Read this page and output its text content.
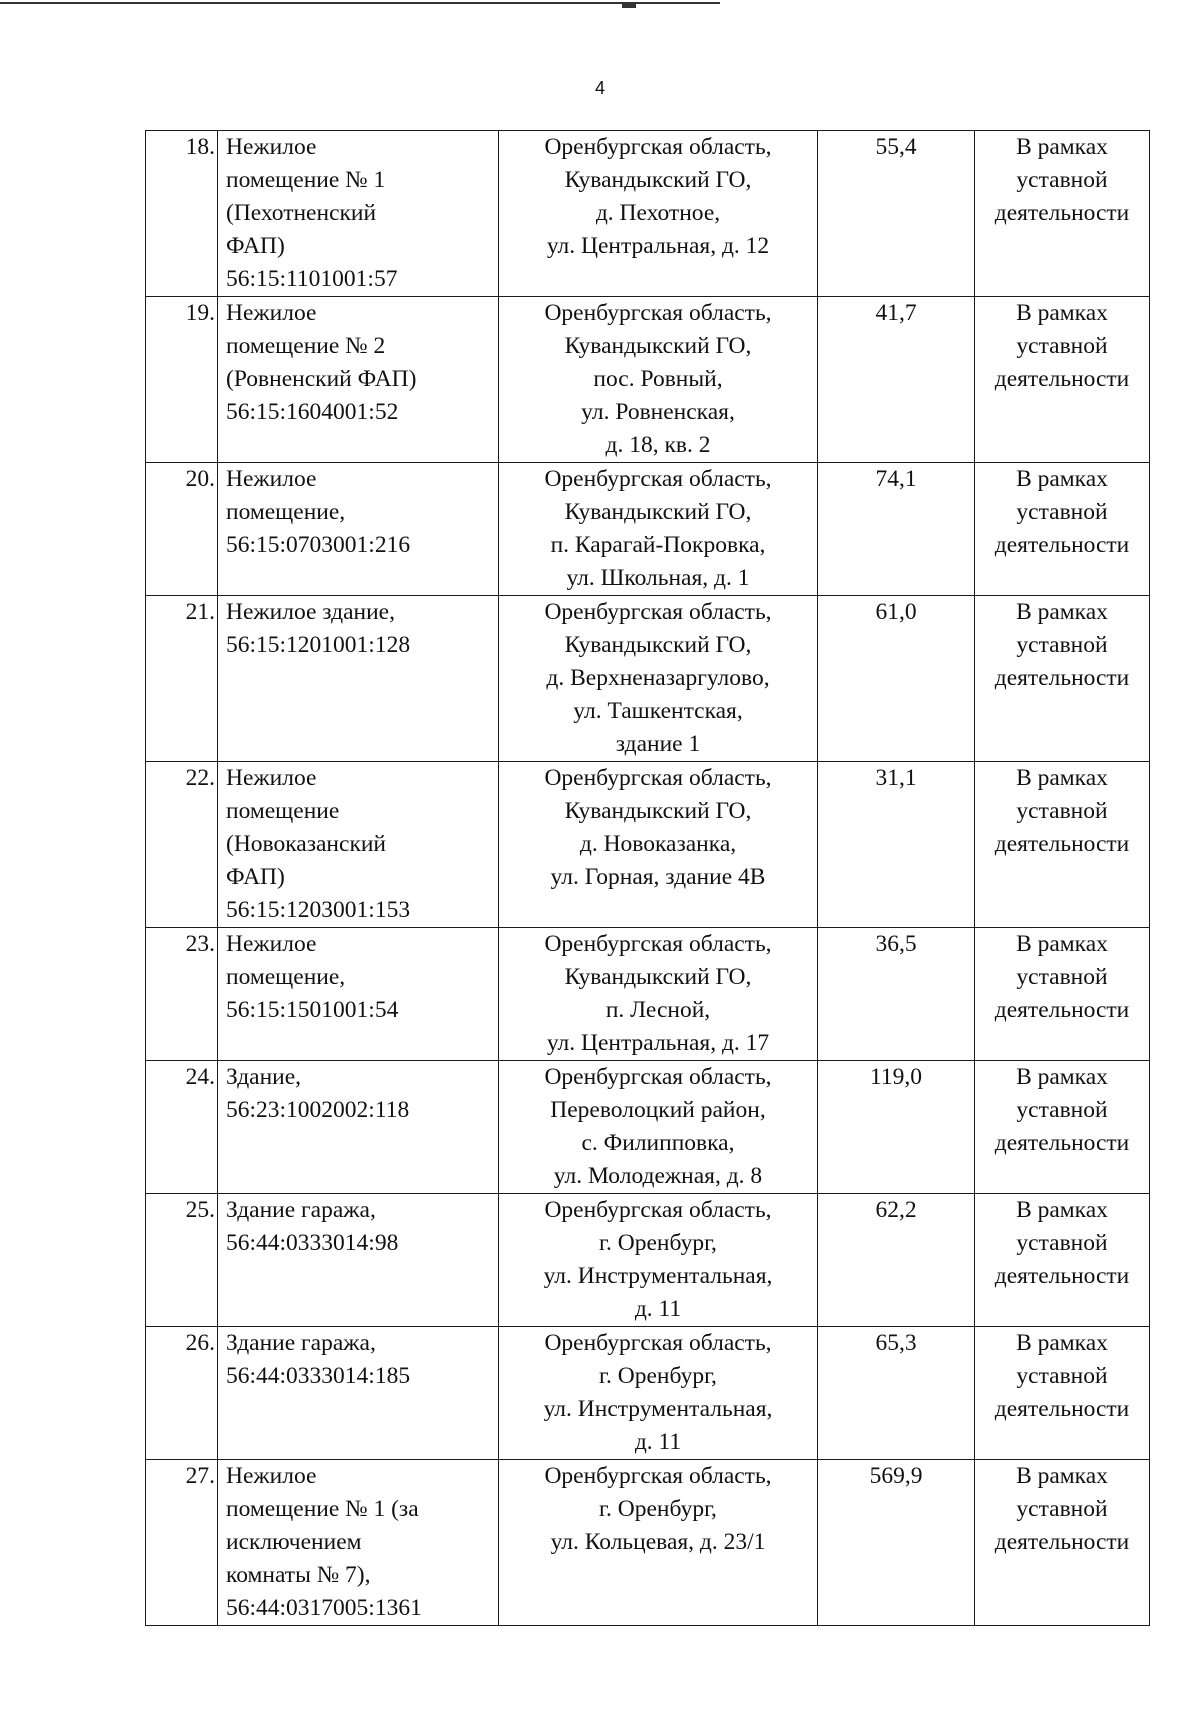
4
18.	Нежилое
помещение № 1
(Пехотненский
ФАП)
56:15:1101001:57	Оренбургская область,
Кувандыкский ГО,
д. Пехотное,
ул. Центральная, д. 12	55,4	В рамках
уставной
деятельности

19.	Нежилое
помещение № 2
(Ровненский ФАП)
56:15:1604001:52	Оренбургская область,
Кувандыкский ГО,
пос. Ровный,
ул. Ровненская,
д. 18, кв. 2	41,7	В рамках
уставной
деятельности

20.	Нежилое
помещение,
56:15:0703001:216	Оренбургская область,
Кувандыкский ГО,
п. Карагай-Покровка,
ул. Школьная, д. 1	74,1	В рамках
уставной
деятельности

21.	Нежилое здание,
56:15:1201001:128	Оренбургская область,
Кувандыкский ГО,
д. Верхненазаргулово,
ул. Ташкентская,
здание 1	61,0	В рамках
уставной
деятельности

22.	Нежилое
помещение
(Новоказанский
ФАП)
56:15:1203001:153	Оренбургская область,
Кувандыкский ГО,
д. Новоказанка,
ул. Горная, здание 4В	31,1	В рамках
уставной
деятельности

23.	Нежилое
помещение,
56:15:1501001:54	Оренбургская область,
Кувандыкский ГО,
п. Лесной,
ул. Центральная, д. 17	36,5	В рамках
уставной
деятельности

24.	Здание,
56:23:1002002:118	Оренбургская область,
Переволоцкий район,
с. Филипповка,
ул. Молодежная, д. 8	119,0	В рамках
уставной
деятельности

25.	Здание гаража,
56:44:0333014:98	Оренбургская область,
г. Оренбург,
ул. Инструментальная,
д. 11	62,2	В рамках
уставной
деятельности

26.	Здание гаража,
56:44:0333014:185	Оренбургская область,
г. Оренбург,
ул. Инструментальная,
д. 11	65,3	В рамках
уставной
деятельности

27.	Нежилое
помещение № 1 (за
исключением
комнаты № 7),
56:44:0317005:1361	Оренбургская область,
г. Оренбург,
ул. Кольцевая, д. 23/1	569,9	В рамках
уставной
деятельности
